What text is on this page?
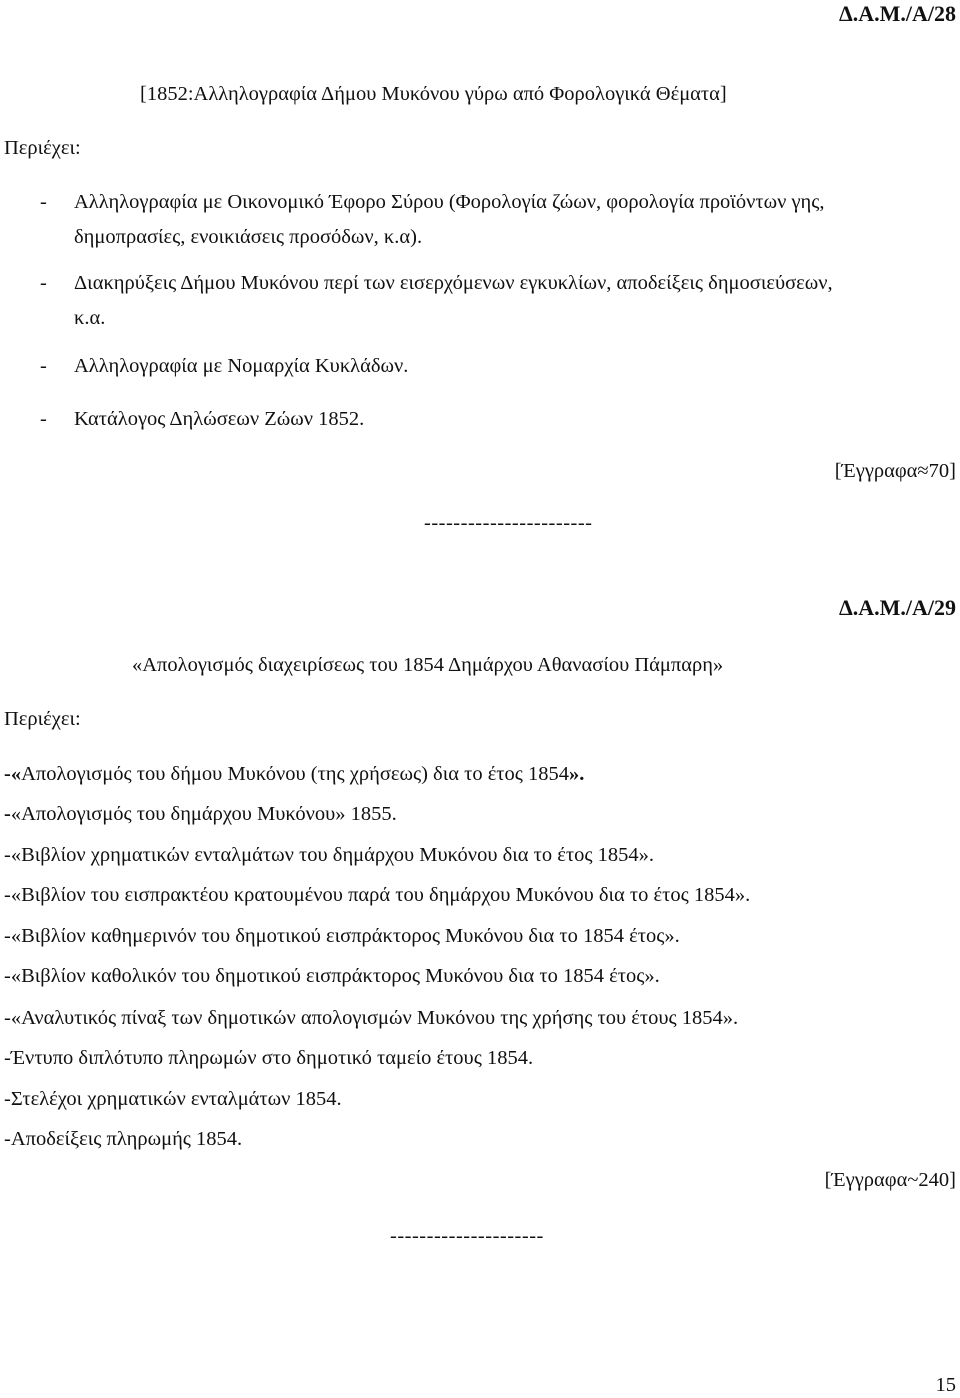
Δ.Α.Μ./Α/28
[1852:Αλληλογραφία Δήμου Μυκόνου γύρω από Φορολογικά Θέματα]
Περιέχει:
- Αλληλογραφία με Οικονομικό Έφορο Σύρου (Φορολογία ζώων, φορολογία προϊόντων γης,
δημοπρασίες, ενοικιάσεις προσόδων, κ.α).
- Διακηρύξεις Δήμου Μυκόνου περί των εισερχόμενων εγκυκλίων, αποδείξεις δημοσιεύσεων,
κ.α.
- Αλληλογραφία με Νομαρχία Κυκλάδων.
- Κατάλογος Δηλώσεων Ζώων 1852.
[Έγγραφα≈70]
-----------------------
Δ.Α.Μ./Α/29
«Απολογισμός διαχειρίσεως του 1854 Δημάρχου Αθανασίου Πάμπαρη»
Περιέχει:
-«Απολογισμός του δήμου Μυκόνου (της χρήσεως) δια το έτος 1854».
-«Απολογισμός του δημάρχου Μυκόνου» 1855.
-«Βιβλίον χρηματικών ενταλμάτων του δημάρχου Μυκόνου δια το έτος 1854».
-«Βιβλίον του εισπρακτέου κρατουμένου παρά του δημάρχου Μυκόνου δια το έτος 1854».
-«Βιβλίον καθημερινόν του δημοτικού εισπράκτορος Μυκόνου δια το 1854 έτος».
-«Βιβλίον καθολικόν του δημοτικού εισπράκτορος Μυκόνου δια το 1854 έτος».
-«Αναλυτικός πίναξ των δημοτικών απολογισμών Μυκόνου της χρήσης του έτους 1854».
-Έντυπο διπλότυπο πληρωμών στο δημοτικό ταμείο έτους 1854.
-Στελέχοι χρηματικών ενταλμάτων 1854.
-Αποδείξεις πληρωμής 1854.
[Έγγραφα~240]
---------------------
15
